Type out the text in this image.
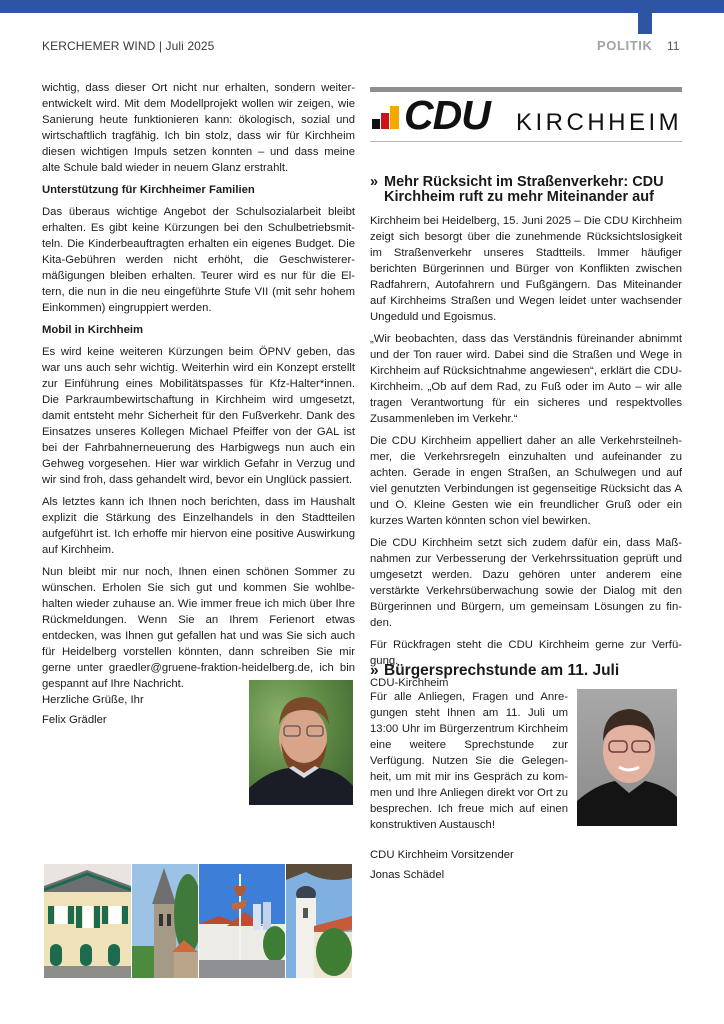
KERCHEMER WIND | Juli 2025	POLITIK 11

wichtig, dass dieser Ort nicht nur erhalten, sondern weiterentwickelt wird. Mit dem Modellprojekt wollen wir zeigen, wie Sanierung heute funktionieren kann: ökologisch, sozial und wirtschaftlich tragfähig. Ich bin stolz, dass wir für Kirchheim diesen wichtigen Impuls setzen konnten – und dass meine alte Schule bald wieder in neuem Glanz erstrahlt.

Unterstützung für Kirchheimer Familien

Das überaus wichtige Angebot der Schulsozialarbeit bleibt erhalten. Es gibt keine Kürzungen bei den Schulbetriebsmitteln. Die Kinderbeauftragten erhalten ein eigenes Budget. Die Kita-Gebühren werden nicht erhöht, die Geschwisterermäßigungen bleiben erhalten. Teurer wird es nur für die Eltern, die nun in die neu eingeführte Stufe VII (mit sehr hohem Einkommen) eingruppiert werden.

Mobil in Kirchheim

Es wird keine weiteren Kürzungen beim ÖPNV geben, das war uns auch sehr wichtig. Weiterhin wird ein Konzept erstellt zur Einführung eines Mobilitätspasses für Kfz-Halter*innen. Die Parkraumbewirtschaftung in Kirchheim wird umgesetzt, damit entsteht mehr Sicherheit für den Fußverkehr. Dank des Einsatzes unseres Kollegen Michael Pfeiffer von der GAL ist bei der Fahrbahnerneuerung des Harbigwegs nun auch ein Gehweg vorgesehen. Hier war wirklich Gefahr in Verzug und wir sind froh, dass gehandelt wird, bevor ein Unglück passiert.

Als letztes kann ich Ihnen noch berichten, dass im Haushalt explizit die Stärkung des Einzelhandels in den Stadtteilen aufgeführt ist. Ich erhoffe mir hiervon eine positive Auswirkung auf Kirchheim.

Nun bleibt mir nur noch, Ihnen einen schönen Sommer zu wünschen. Erholen Sie sich gut und kommen Sie wohlbehalten wieder zuhause an. Wie immer freue ich mich über Ihre Rückmeldungen. Wenn Sie an Ihrem Ferienort etwas entdecken, was Ihnen gut gefallen hat und was Sie sich auch für Heidelberg vorstellen könnten, dann schreiben Sie mir gerne unter graedler@gruene-fraktion-heidelberg.de, ich bin gespannt auf Ihre Nachricht.

Herzliche Grüße, Ihr
Felix Grädler
CDU KIRCHHEIM
» Mehr Rücksicht im Straßenverkehr: CDU
Kirchheim ruft zu mehr Miteinander auf

Kirchheim bei Heidelberg, 15. Juni 2025 – Die CDU Kirchheim zeigt sich besorgt über die zunehmende Rücksichtslosigkeit im Straßenverkehr unseres Stadtteils. Immer häufiger berichten Bürgerinnen und Bürger von Konflikten zwischen Radfahrern, Autofahrern und Fußgängern. Das Miteinander auf Kirchheims Straßen und Wegen leidet unter wachsender Ungeduld und Egoismus.

„Wir beobachten, dass das Verständnis füreinander abnimmt und der Ton rauer wird. Dabei sind die Straßen und Wege in Kirchheim auf Rücksichtnahme angewiesen“, erklärt die CDU- Kirchheim. „Ob auf dem Rad, zu Fuß oder im Auto – wir alle tragen Verantwortung für ein sicheres und respektvolles Zusammenleben im Verkehr.“

Die CDU Kirchheim appelliert daher an alle Verkehrsteilnehmer, die Verkehrsregeln einzuhalten und aufeinander zu achten. Gerade in engen Straßen, an Schulwegen und auf viel genutzten Verbindungen ist gegenseitige Rücksicht das A und O. Kleine Gesten wie ein freundlicher Gruß oder ein kurzes Warten könnten schon viel bewirken.

Die CDU Kirchheim setzt sich zudem dafür ein, dass Maßnahmen zur Verbesserung der Verkehrssituation geprüft und umgesetzt werden. Dazu gehören unter anderem eine verstärkte Verkehrsüberwachung sowie der Dialog mit den Bürgerinnen und Bürgern, um gemeinsam Lösungen zu finden.

Für Rückfragen steht die CDU Kirchheim gerne zur Verfügung.

CDU-Kirchheim

» Bürgersprechstunde am 11. Juli
Für alle Anliegen, Fragen und Anregungen steht Ihnen am 11. Juli um 13:00 Uhr im Bürgerzentrum Kirchheim eine weitere Sprechstunde zur Verfügung. Nutzen Sie die Gelegenheit, um mit mir ins Gespräch zu kommen und Ihre Anliegen direkt vor Ort zu besprechen. Ich freue mich auf einen konstruktiven Austausch!
CDU Kirchheim Vorsitzender
Jonas Schädel
